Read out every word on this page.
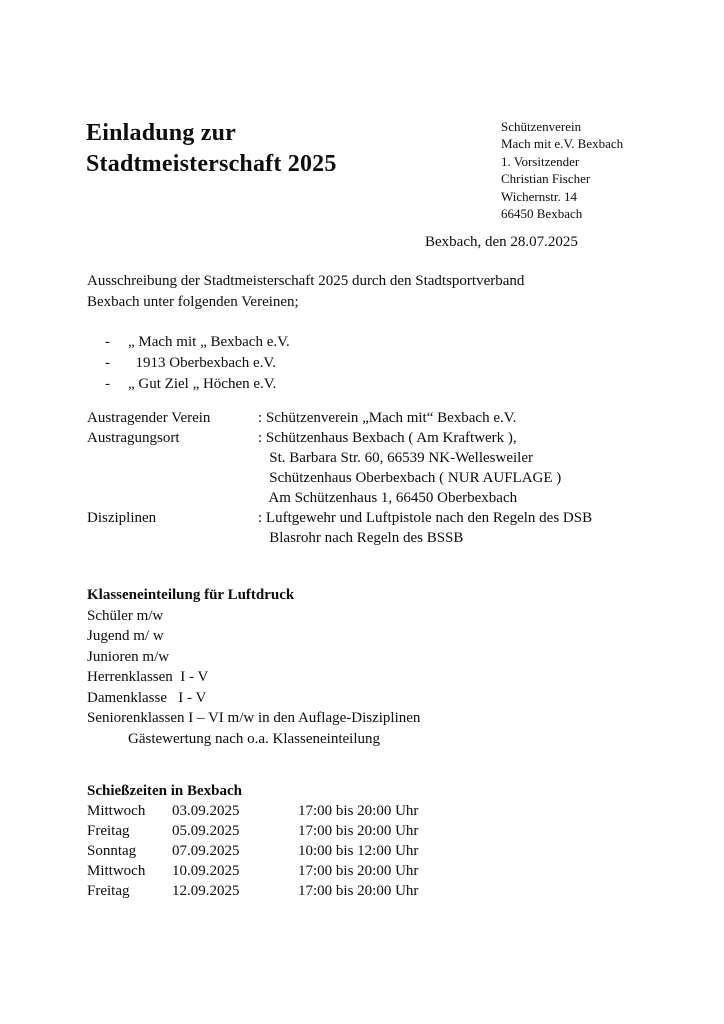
Einladung zur
Stadtmeisterschaft 2025
Schützenverein
Mach mit e.V. Bexbach
1. Vorsitzender
Christian Fischer
Wichernstr. 14
66450 Bexbach
Bexbach, den 28.07.2025
Ausschreibung der Stadtmeisterschaft 2025 durch den Stadtsportverband
Bexbach unter folgenden Vereinen;
-	„ Mach mit „ Bexbach e.V.
-	1913 Oberbexbach e.V.
-	„ Gut Ziel „ Höchen e.V.
Austragender Verein	: Schützenverein „Mach mit“ Bexbach e.V.
Austragungsort	: Schützenhaus Bexbach ( Am Kraftwerk ),
St. Barbara Str. 60, 66539 NK-Wellesweiler
Schützenhaus Oberbexbach ( NUR AUFLAGE )
Am Schützenhaus 1, 66450 Oberbexbach
Disziplinen	: Luftgewehr und Luftpistole nach den Regeln des DSB
Blasrohr nach Regeln des BSSB
Klasseneinteilung für Luftdruck
Schüler m/w
Jugend m/ w
Junioren m/w
Herrenklassen  I - V
Damenklasse   I - V
Seniorenklassen I – VI m/w in den Auflage-Disziplinen
Gästewertung nach o.a. Klasseneinteilung
Schießzeiten in Bexbach
Mittwoch	03.09.2025	17:00 bis 20:00 Uhr
Freitag	05.09.2025	17:00 bis 20:00 Uhr
Sonntag	07.09.2025	10:00 bis 12:00 Uhr
Mittwoch	10.09.2025	17:00 bis 20:00 Uhr
Freitag	12.09.2025	17:00 bis 20:00 Uhr
